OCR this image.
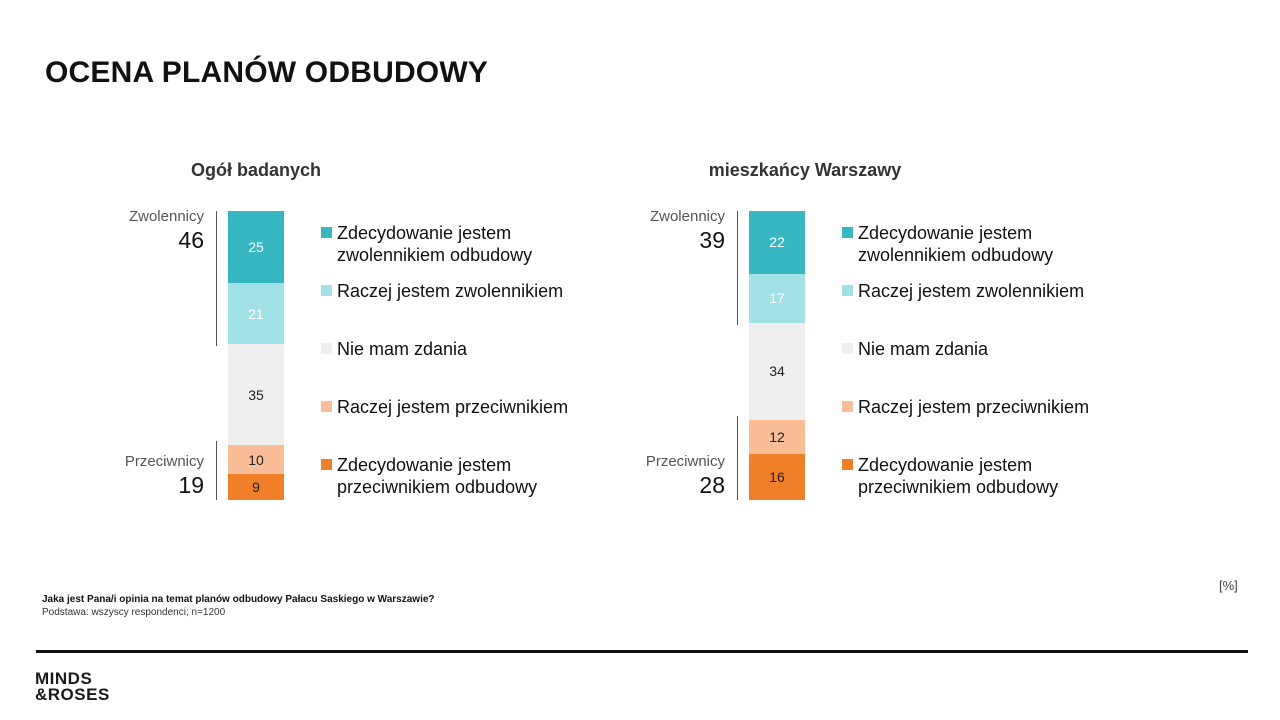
OCENA PLANÓW ODBUDOWY
Ogół badanych
Zwolennicy
46
Przeciwnicy
19
25
21
35
10
9
Zdecydowanie jestem zwolennikiem odbudowy
Raczej jestem zwolennikiem
Nie mam zdania
Raczej jestem przeciwnikiem
Zdecydowanie jestem przeciwnikiem odbudowy
mieszkańcy Warszawy
Zwolennicy
39
Przeciwnicy
28
22
17
34
12
16
Zdecydowanie jestem zwolennikiem odbudowy
Raczej jestem zwolennikiem
Nie mam zdania
Raczej jestem przeciwnikiem
Zdecydowanie jestem przeciwnikiem odbudowy
[%]
Jaka jest Pana/i opinia na temat planów odbudowy Pałacu Saskiego w Warszawie?
Podstawa: wszyscy respondenci; n=1200
MINDS
&ROSES
